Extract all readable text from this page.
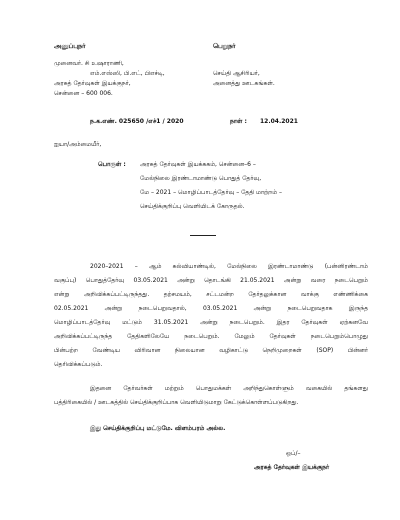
அனுப்புநர்
முனைவர். சி உஷாராணி,
எம்.எஸ்ஸி, பி.எட், பிஎச்டி,
அரசுத் தேர்வுகள் இயக்குநர்,
சென்னை – 600 006.
பெறுநர்
செய்தி ஆசிரியர்,
அனைத்து ஊடகங்கள்.
ந.க.எண். 025650 /எச்1 / 2020	நாள் : 12.04.2021
ஐயா/அம்மையீர்,
பொருள் : அரசுத் தேர்வுகள் இயக்ககம், சென்னை–6 –
மேல்நிலை இரண்டாமாண்டு பொதுத் தேர்வு,
மே – 2021 – மொழிப்பாடத்தேர்வு – தேதி மாற்றம் –
செய்திக்குறிப்பு வெளியிடக் கோருதல்.
2020–2021 – ஆம் கல்வியாண்டில், மேல்நிலை இரண்டாமாண்டு (பன்னிரண்டாம்
வகுப்பு) பொதுத்தேர்வு 03.05.2021 அன்று தொடங்கி 21.05.2021 அன்று வரை நடைபெறும்
என்று அறிவிக்கப்பட்டிருந்தது. தற்சமயம், சட்டமன்ற தேர்தலுக்கான வாக்கு எண்ணிக்கை
02.05.2021 அன்று நடைபெறுவதால், 03.05.2021 அன்று நடைபெறுவதாக இருந்த
மொழிப்பாடத்தேர்வு மட்டும் 31.05.2021 அன்று நடைபெறும். இதர தேர்வுகள் ஏற்கனவே
அறிவிக்கப்பட்டிருந்த தேதிகளிலேயே நடைபெறும். மேலும் தேர்வுகள் நடைபெறும்பொழுது
பின்பற்ற வேண்டிய விரிவான நிலையான வழிகாட்டு நெறிமுறைகள் (SOP) பின்னர்
தெரிவிக்கப்படும்.
இதனை தேர்வர்கள் மற்றும் பொதுமக்கள் அறிந்துகொள்ளும் வகையில் தங்களது
பத்திரிகையில் / ஊடகத்தில் செய்திக்குறிப்பாக வெளியிடுமாறு கேட்டுக்கொள்ளப்படுகிறது.
இது செய்திக்குறிப்பு மட்டுமே. விளம்பரம் அல்ல.
ஒப்/–
அரசுத் தேர்வுகள் இயக்குநர்
